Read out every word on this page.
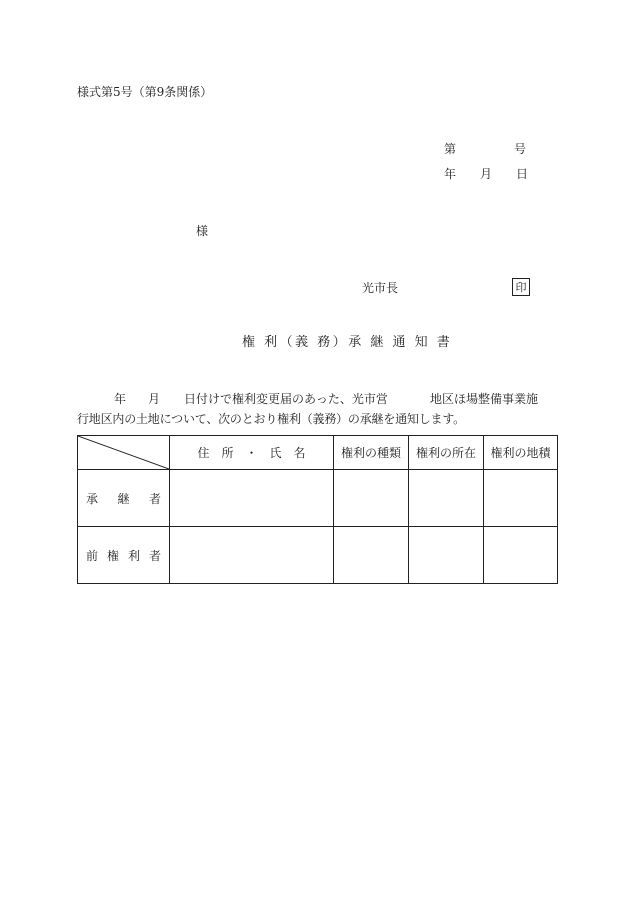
様式第5号（第9条関係）
第	号
年 月 日
様
光市長	印
権 利（義 務）承 継 通 知 書
年 月 日付けで権利変更届のあった、光市営	地区ほ場整備事業施
行地区内の土地について、次のとおり権利（義務）の承継を通知します。
	住　所　・　氏　名	権利の種類	権利の所在	権利の地積

承 継 者				

前 権 利 者				
